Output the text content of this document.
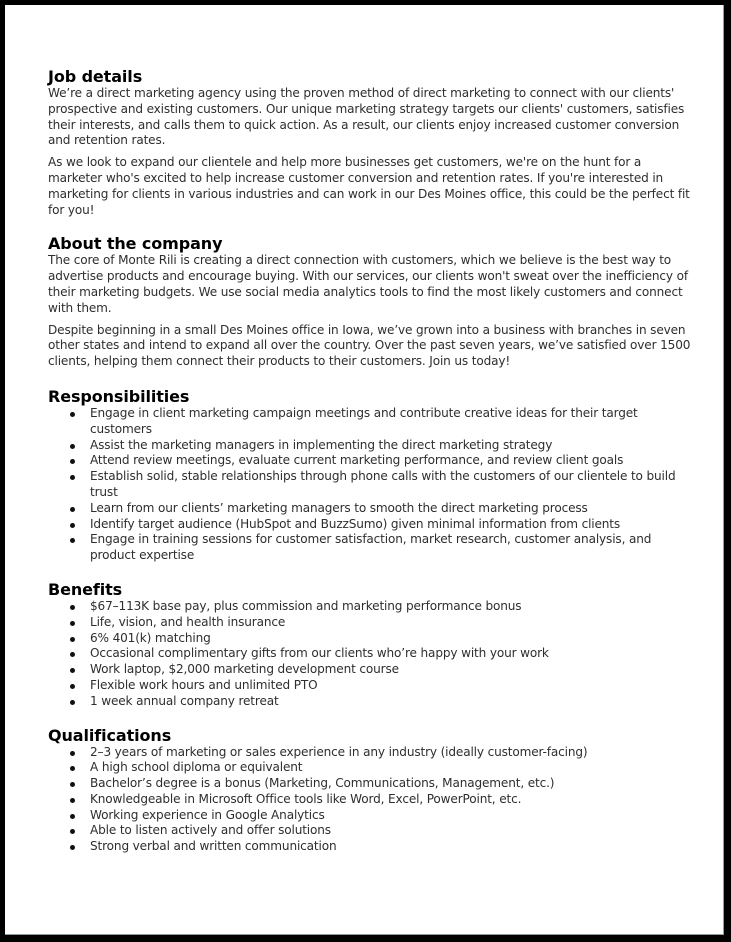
Job details

We’re a direct marketing agency using the proven method of direct marketing to connect with our clients' prospective and existing customers. Our unique marketing strategy targets our clients' customers, satisfies their interests, and calls them to quick action. As a result, our clients enjoy increased customer conversion and retention rates.

As we look to expand our clientele and help more businesses get customers, we're on the hunt for a marketer who's excited to help increase customer conversion and retention rates. If you're interested in marketing for clients in various industries and can work in our Des Moines office, this could be the perfect fit for you!

About the company

The core of Monte Rili is creating a direct connection with customers, which we believe is the best way to advertise products and encourage buying. With our services, our clients won't sweat over the inefficiency of their marketing budgets. We use social media analytics tools to find the most likely customers and connect with them.

Despite beginning in a small Des Moines office in Iowa, we’ve grown into a business with branches in seven other states and intend to expand all over the country. Over the past seven years, we’ve satisfied over 1500 clients, helping them connect their products to their customers. Join us today!

Responsibilities
Engage in client marketing campaign meetings and contribute creative ideas for their target customers
Assist the marketing managers in implementing the direct marketing strategy
Attend review meetings, evaluate current marketing performance, and review client goals
Establish solid, stable relationships through phone calls with the customers of our clientele to build trust
Learn from our clients’ marketing managers to smooth the direct marketing process
Identify target audience (HubSpot and BuzzSumo) given minimal information from clients
Engage in training sessions for customer satisfaction, market research, customer analysis, and product expertise
Benefits
$67–113K base pay, plus commission and marketing performance bonus
Life, vision, and health insurance
6% 401(k) matching
Occasional complimentary gifts from our clients who’re happy with your work
Work laptop, $2,000 marketing development course
Flexible work hours and unlimited PTO
1 week annual company retreat
Qualifications
2–3 years of marketing or sales experience in any industry (ideally customer-facing)
A high school diploma or equivalent
Bachelor’s degree is a bonus (Marketing, Communications, Management, etc.)
Knowledgeable in Microsoft Office tools like Word, Excel, PowerPoint, etc.
Working experience in Google Analytics
Able to listen actively and offer solutions
Strong verbal and written communication
